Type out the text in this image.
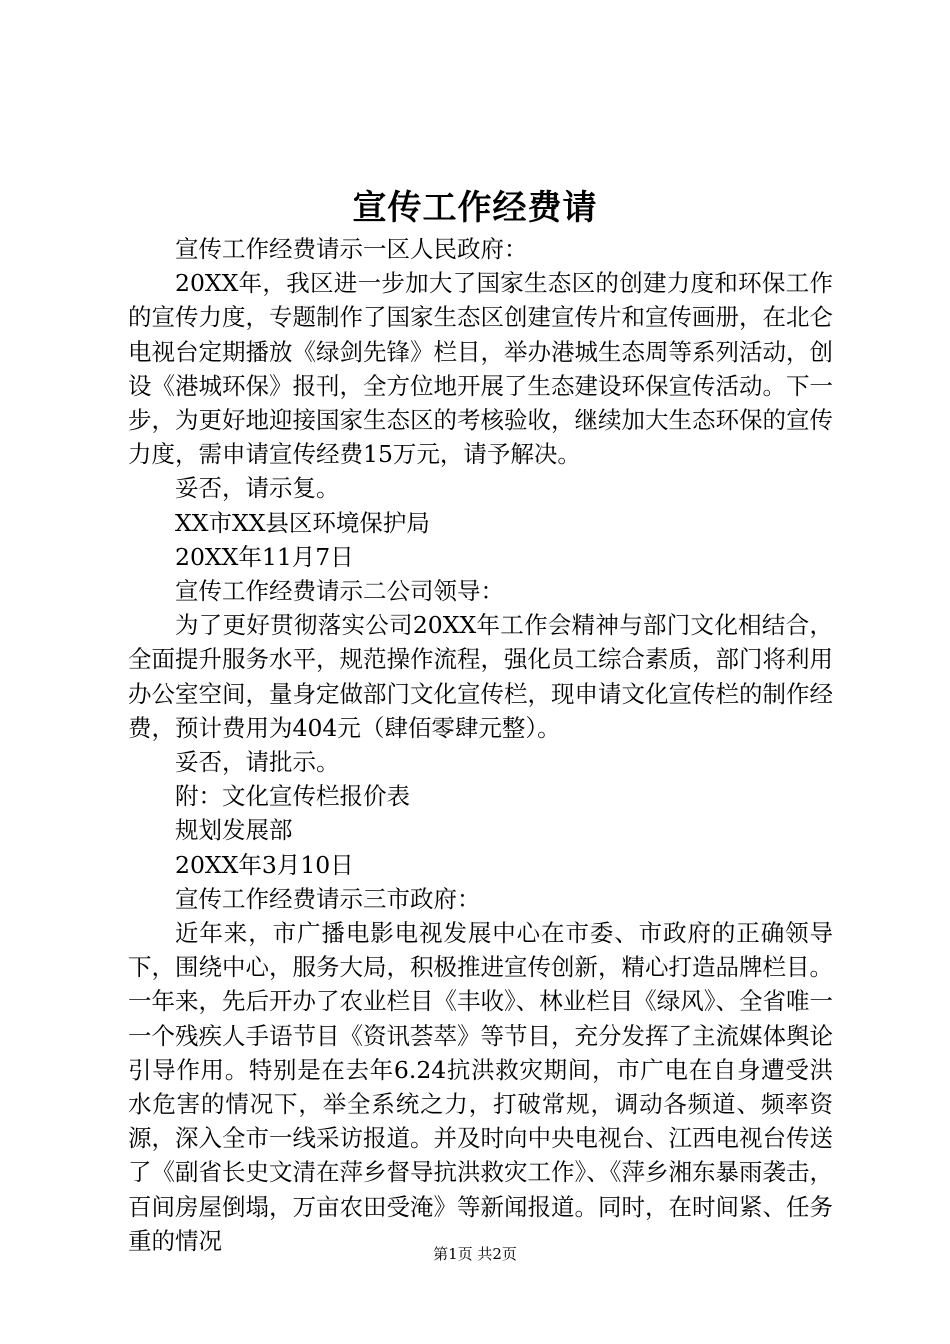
宣传工作经费请

宣传工作经费请示一区人民政府：

20XX年，我区进一步加大了国家生态区的创建力度和环保工作的宣传力度，专题制作了国家生态区创建宣传片和宣传画册，在北仑电视台定期播放《绿剑先锋》栏目，举办港城生态周等系列活动，创设《港城环保》报刊，全方位地开展了生态建设环保宣传活动。下一步，为更好地迎接国家生态区的考核验收，继续加大生态环保的宣传力度，需申请宣传经费15万元，请予解决。

妥否，请示复。

XX市XX县区环境保护局

20XX年11月7日

宣传工作经费请示二公司领导：

为了更好贯彻落实公司20XX年工作会精神与部门文化相结合，全面提升服务水平，规范操作流程，强化员工综合素质，部门将利用办公室空间，量身定做部门文化宣传栏，现申请文化宣传栏的制作经费，预计费用为404元（肆佰零肆元整）。

妥否，请批示。

附：文化宣传栏报价表

规划发展部

20XX年3月10日

宣传工作经费请示三市政府：

近年来，市广播电影电视发展中心在市委、市政府的正确领导下，围绕中心，服务大局，积极推进宣传创新，精心打造品牌栏目。一年来，先后开办了农业栏目《丰收》、林业栏目《绿风》、全省唯一一个残疾人手语节目《资讯荟萃》等节目，充分发挥了主流媒体舆论引导作用。特别是在去年6.24抗洪救灾期间，市广电在自身遭受洪水危害的情况下，举全系统之力，打破常规，调动各频道、频率资源，深入全市一线采访报道。并及时向中央电视台、江西电视台传送了《副省长史文清在萍乡督导抗洪救灾工作》、《萍乡湘东暴雨袭击，百间房屋倒塌，万亩农田受淹》等新闻报道。同时，在时间紧、任务重的情况	第1页 共2页
